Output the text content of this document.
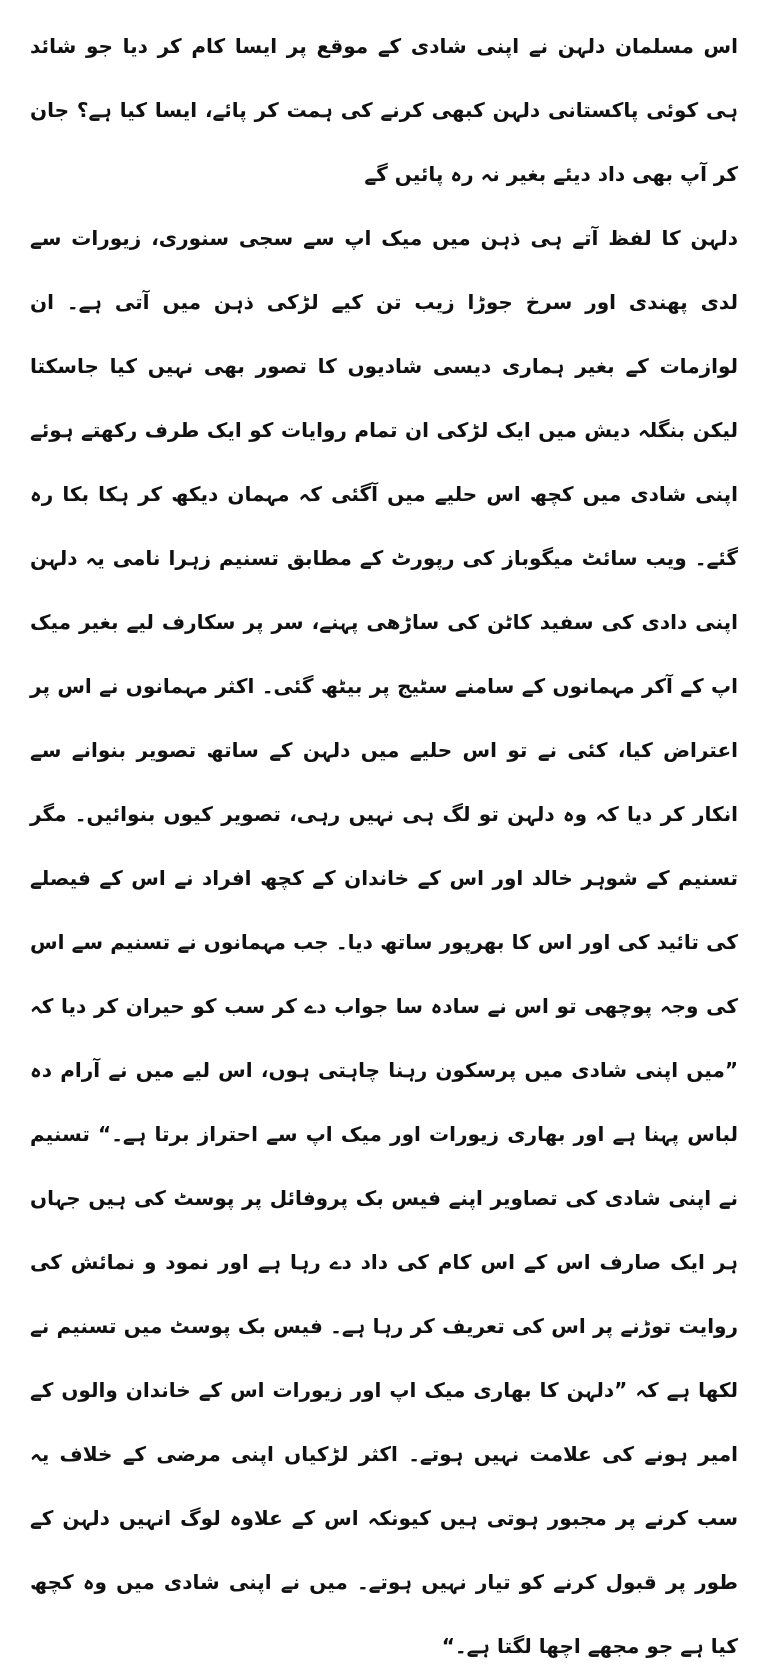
اس مسلمان دلہن نے اپنی شادی کے موقع پر ایسا کام کر دیا جو شائد ہی کوئی پاکستانی دلہن کبھی کرنے کی ہمت کر پائے، ایسا کیا ہے؟ جان کر آپ بھی داد دیئے بغیر نہ رہ پائیں گے

دلہن کا لفظ آتے ہی ذہن میں میک اپ سے سجی سنوری، زیورات سے لدی پھندی اور سرخ جوڑا زیب تن کیے لڑکی ذہن میں آتی ہے۔ ان لوازمات کے بغیر ہماری دیسی شادیوں کا تصور بھی نہیں کیا جاسکتا لیکن بنگلہ دیش میں ایک لڑکی ان تمام روایات کو ایک طرف رکھتے ہوئے اپنی شادی میں کچھ اس حلیے میں آگئی کہ مہمان دیکھ کر ہکا بکا رہ گئے۔ ویب سائٹ میگوباز کی رپورٹ کے مطابق تسنیم زہرا نامی یہ دلہن اپنی دادی کی سفید کاٹن کی ساڑھی پہنے، سر پر سکارف لیے بغیر میک اپ کے آکر مہمانوں کے سامنے سٹیج پر بیٹھ گئی۔ اکثر مہمانوں نے اس پر اعتراض کیا، کئی نے تو اس حلیے میں دلہن کے ساتھ تصویر بنوانے سے انکار کر دیا کہ وہ دلہن تو لگ ہی نہیں رہی، تصویر کیوں بنوائیں۔ مگر تسنیم کے شوہر خالد اور اس کے خاندان کے کچھ افراد نے اس کے فیصلے کی تائید کی اور اس کا بھرپور ساتھ دیا۔ جب مہمانوں نے تسنیم سے اس کی وجہ پوچھی تو اس نے سادہ سا جواب دے کر سب کو حیران کر دیا کہ ”میں اپنی شادی میں پرسکون رہنا چاہتی ہوں، اس لیے میں نے آرام دہ لباس پہنا ہے اور بھاری زیورات اور میک اپ سے احتراز برتا ہے۔“ تسنیم نے اپنی شادی کی تصاویر اپنے فیس بک پروفائل پر پوسٹ کی ہیں جہاں ہر ایک صارف اس کے اس کام کی داد دے رہا ہے اور نمود و نمائش کی روایت توڑنے پر اس کی تعریف کر رہا ہے۔ فیس بک پوسٹ میں تسنیم نے لکھا ہے کہ ”دلہن کا بھاری میک اپ اور زیورات اس کے خاندان والوں کے امیر ہونے کی علامت نہیں ہوتے۔ اکثر لڑکیاں اپنی مرضی کے خلاف یہ سب کرنے پر مجبور ہوتی ہیں کیونکہ اس کے علاوہ لوگ انہیں دلہن کے طور پر قبول کرنے کو تیار نہیں ہوتے۔ میں نے اپنی شادی میں وہ کچھ کیا ہے جو مجھے اچھا لگتا ہے۔“
